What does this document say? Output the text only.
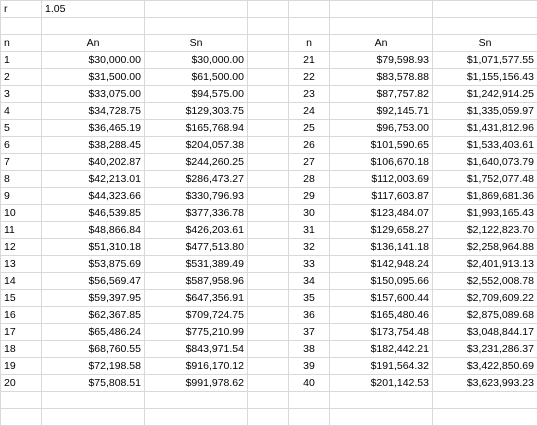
r	1.05					

n	An	Sn		n	An	Sn
1	$30,000.00	$30,000.00		21	$79,598.93	$1,071,577.55
2	$31,500.00	$61,500.00		22	$83,578.88	$1,155,156.43
3	$33,075.00	$94,575.00		23	$87,757.82	$1,242,914.25
4	$34,728.75	$129,303.75		24	$92,145.71	$1,335,059.97
5	$36,465.19	$165,768.94		25	$96,753.00	$1,431,812.96
6	$38,288.45	$204,057.38		26	$101,590.65	$1,533,403.61
7	$40,202.87	$244,260.25		27	$106,670.18	$1,640,073.79
8	$42,213.01	$286,473.27		28	$112,003.69	$1,752,077.48
9	$44,323.66	$330,796.93		29	$117,603.87	$1,869,681.36
10	$46,539.85	$377,336.78		30	$123,484.07	$1,993,165.43
11	$48,866.84	$426,203.61		31	$129,658.27	$2,122,823.70
12	$51,310.18	$477,513.80		32	$136,141.18	$2,258,964.88
13	$53,875.69	$531,389.49		33	$142,948.24	$2,401,913.13
14	$56,569.47	$587,958.96		34	$150,095.66	$2,552,008.78
15	$59,397.95	$647,356.91		35	$157,600.44	$2,709,609.22
16	$62,367.85	$709,724.75		36	$165,480.46	$2,875,089.68
17	$65,486.24	$775,210.99		37	$173,754.48	$3,048,844.17
18	$68,760.55	$843,971.54		38	$182,442.21	$3,231,286.37
19	$72,198.58	$916,170.12		39	$191,564.32	$3,422,850.69
20	$75,808.51	$991,978.62		40	$201,142.53	$3,623,993.23
